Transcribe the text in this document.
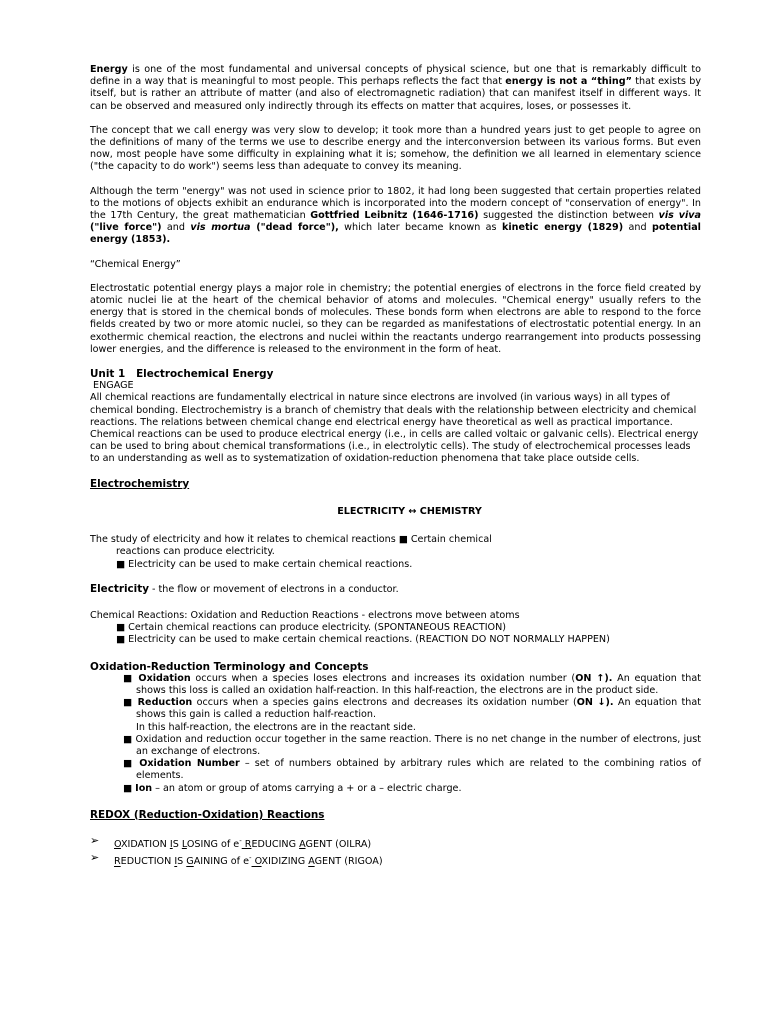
Energy is one of the most fundamental and universal concepts of physical science, but one that is remarkably difficult to define in a way that is meaningful to most people. This perhaps reflects the fact that energy is not a “thing” that exists by itself, but is rather an attribute of matter (and also of electromagnetic radiation) that can manifest itself in different ways. It can be observed and measured only indirectly through its effects on matter that acquires, loses, or possesses it.

The concept that we call energy was very slow to develop; it took more than a hundred years just to get people to agree on the definitions of many of the terms we use to describe energy and the interconversion between its various forms. But even now, most people have some difficulty in explaining what it is; somehow, the definition we all learned in elementary science ("the capacity to do work") seems less than adequate to convey its meaning.

Although the term "energy" was not used in science prior to 1802, it had long been suggested that certain properties related to the motions of objects exhibit an endurance which is incorporated into the modern concept of "conservation of energy". In the 17th Century, the great mathematician Gottfried Leibnitz (1646-1716) suggested the distinction between vis viva ("live force") and vis mortua ("dead force"), which later became known as kinetic energy (1829) and potential energy (1853).

“Chemical Energy”

Electrostatic potential energy plays a major role in chemistry; the potential energies of electrons in the force field created by atomic nuclei lie at the heart of the chemical behavior of atoms and molecules. "Chemical energy" usually refers to the energy that is stored in the chemical bonds of molecules. These bonds form when electrons are able to respond to the force fields created by two or more atomic nuclei, so they can be regarded as manifestations of electrostatic potential energy. In an exothermic chemical reaction, the electrons and nuclei within the reactants undergo rearrangement into products possessing lower energies, and the difference is released to the environment in the form of heat.

Unit 1   Electrochemical Energy
ENGAGE

All chemical reactions are fundamentally electrical in nature since electrons are involved (in various ways) in all types of chemical bonding. Electrochemistry is a branch of chemistry that deals with the relationship between electricity and chemical reactions. The relations between chemical change end electrical energy have theoretical as well as practical importance. Chemical reactions can be used to produce electrical energy (i.e., in cells are called voltaic or galvanic cells). Electrical energy can be used to bring about chemical transformations (i.e., in electrolytic cells). The study of electrochemical processes leads to an understanding as well as to systematization of oxidation-reduction phenomena that take place outside cells.

Electrochemistry
ELECTRICITY ↔ CHEMISTRY
The study of electricity and how it relates to chemical reactions ■ Certain chemical
reactions can produce electricity.
■ Electricity can be used to make certain chemical reactions.
Electricity - the flow or movement of electrons in a conductor.
Chemical Reactions: Oxidation and Reduction Reactions - electrons move between atoms
■ Certain chemical reactions can produce electricity. (SPONTANEOUS REACTION)
■ Electricity can be used to make certain chemical reactions. (REACTION DO NOT NORMALLY HAPPEN)
Oxidation-Reduction Terminology and Concepts
■ Oxidation occurs when a species loses electrons and increases its oxidation number (ON ↑). An equation that shows this loss is called an oxidation half-reaction. In this half-reaction, the electrons are in the product side.
■ Reduction occurs when a species gains electrons and decreases its oxidation number (ON ↓). An equation that shows this gain is called a reduction half-reaction.
In this half-reaction, the electrons are in the reactant side.
■ Oxidation and reduction occur together in the same reaction. There is no net change in the number of electrons, just an exchange of electrons.
■ Oxidation Number – set of numbers obtained by arbitrary rules which are related to the combining ratios of elements.
■ Ion – an atom or group of atoms carrying a + or a – electric charge.
REDOX (Reduction-Oxidation) Reactions
➢	OXIDATION IS LOSING of e- REDUCING AGENT (OILRA)
➢	REDUCTION IS GAINING of e- OXIDIZING AGENT (RIGOA)
